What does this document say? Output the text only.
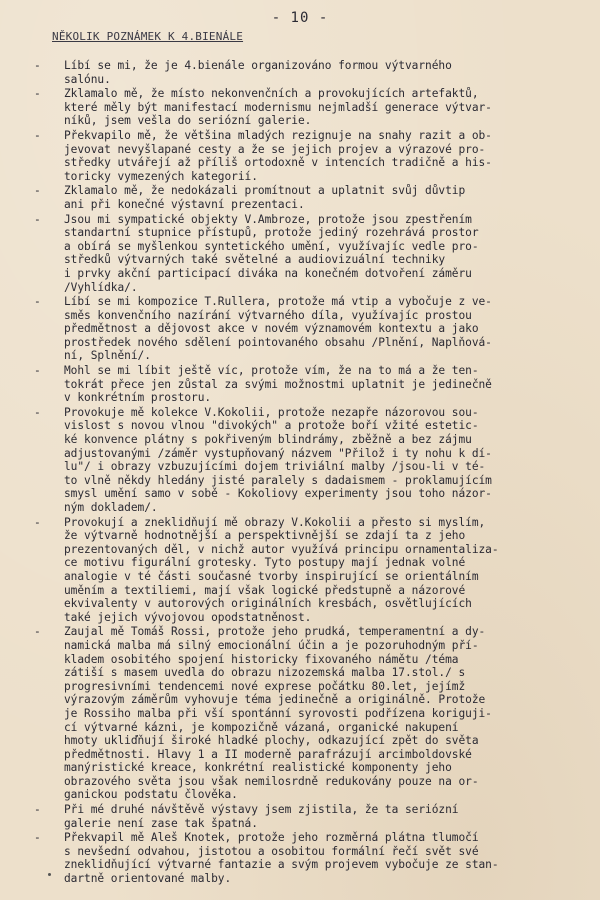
- 10 -
NĚKOLIK POZNÁMEK K 4.BIENÁLE
- Líbí se mi, že je 4.bienále organizováno formou výtvarného
salónu.
- Zklamalo mě, že místo nekonvenčních a provokujících artefaktů,
které měly být manifestací modernismu nejmladší generace výtvar-
níků, jsem vešla do seriózní galerie.
- Překvapilo mě, že většina mladých rezignuje na snahy razit a ob-
jevovat nevyšlapané cesty a že se jejich projev a výrazové pro-
středky utvářejí až příliš ortodoxně v intencích tradičně a his-
toricky vymezených kategorií.
- Zklamalo mě, že nedokázali promítnout a uplatnit svůj důvtip
ani při konečné výstavní prezentaci.
- Jsou mi sympatické objekty V.Ambroze, protože jsou zpestřením
standartní stupnice přístupů, protože jediný rozehrává prostor
a obírá se myšlenkou syntetického umění, využívajíc vedle pro-
středků výtvarných také světelné a audiovizuální techniky
i prvky akční participací diváka na konečném dotvoření záměru
/Vyhlídka/.
- Líbí se mi kompozice T.Rullera, protože má vtip a vybočuje z ve-
směs konvenčního nazírání výtvarného díla, využívajíc prostou
předmětnost a dějovost akce v novém významovém kontextu a jako
prostředek nového sdělení pointovaného obsahu /Plnění, Naplňová-
ní, Splnění/.
- Mohl se mi líbit ještě víc, protože vím, že na to má a že ten-
tokrát přece jen zůstal za svými možnostmi uplatnit je jedinečně
v konkrétním prostoru.
- Provokuje mě kolekce V.Kokolii, protože nezapře názorovou sou-
vislost s novou vlnou "divokých" a protože boří vžité estetic-
ké konvence plátny s pokřiveným blindrámy, zběžně a bez zájmu
adjustovanými /záměr vystupňovaný názvem "Přilož i ty nohu k dí-
lu"/ i obrazy vzbuzujícími dojem triviální malby /jsou-li v té-
to vlně někdy hledány jisté paralely s dadaismem - proklamujícím
smysl umění samo v sobě - Kokoliovy experimenty jsou toho názor-
ným dokladem/.
- Provokují a zneklidňují mě obrazy V.Kokolii a přesto si myslím,
že výtvarně hodnotnější a perspektivnější se zdají ta z jeho
prezentovaných děl, v nichž autor využívá principu ornamentaliza-
ce motivu figurální grotesky. Tyto postupy mají jednak volné
analogie v té části současné tvorby inspirující se orientálním
uměním a textiliemi, mají však logické předstupně a názorové
ekvivalenty v autorových originálních kresbách, osvětlujících
také jejich vývojovou opodstatněnost.
- Zaujal mě Tomáš Rossi, protože jeho prudká, temperamentní a dy-
namická malba má silný emocionální účin a je pozoruhodným pří-
kladem osobitého spojení historicky fixovaného námětu /téma
zátiší s masem uvedla do obrazu nizozemská malba 17.stol./ s
progresivními tendencemi nové exprese počátku 80.let, jejímž
výrazovým záměrům vyhovuje téma jedinečně a originálně. Protože
je Rossiho malba při vší spontánní syrovosti podřízena koriguji-
cí výtvarné kázni, je kompozičně vázaná, organické nakupení
hmoty ukliďňují široké hladké plochy, odkazující zpět do světa
předmětnosti. Hlavy 1 a II moderně parafrázují arcimboldovské
manýristické kreace, konkrétní realistické komponenty jeho
obrazového světa jsou však nemilosrdně redukovány pouze na or-
ganickou podstatu člověka.
- Při mé druhé návštěvě výstavy jsem zjistila, že ta seriózní
galerie není zase tak špatná.
- Překvapil mě Aleš Knotek, protože jeho rozměrná plátna tlumočí
s nevšední odvahou, jistotou a osobitou formální řečí svět své
zneklidňující výtvarné fantazie a svým projevem vybočuje ze stan-
dartně orientované malby.
